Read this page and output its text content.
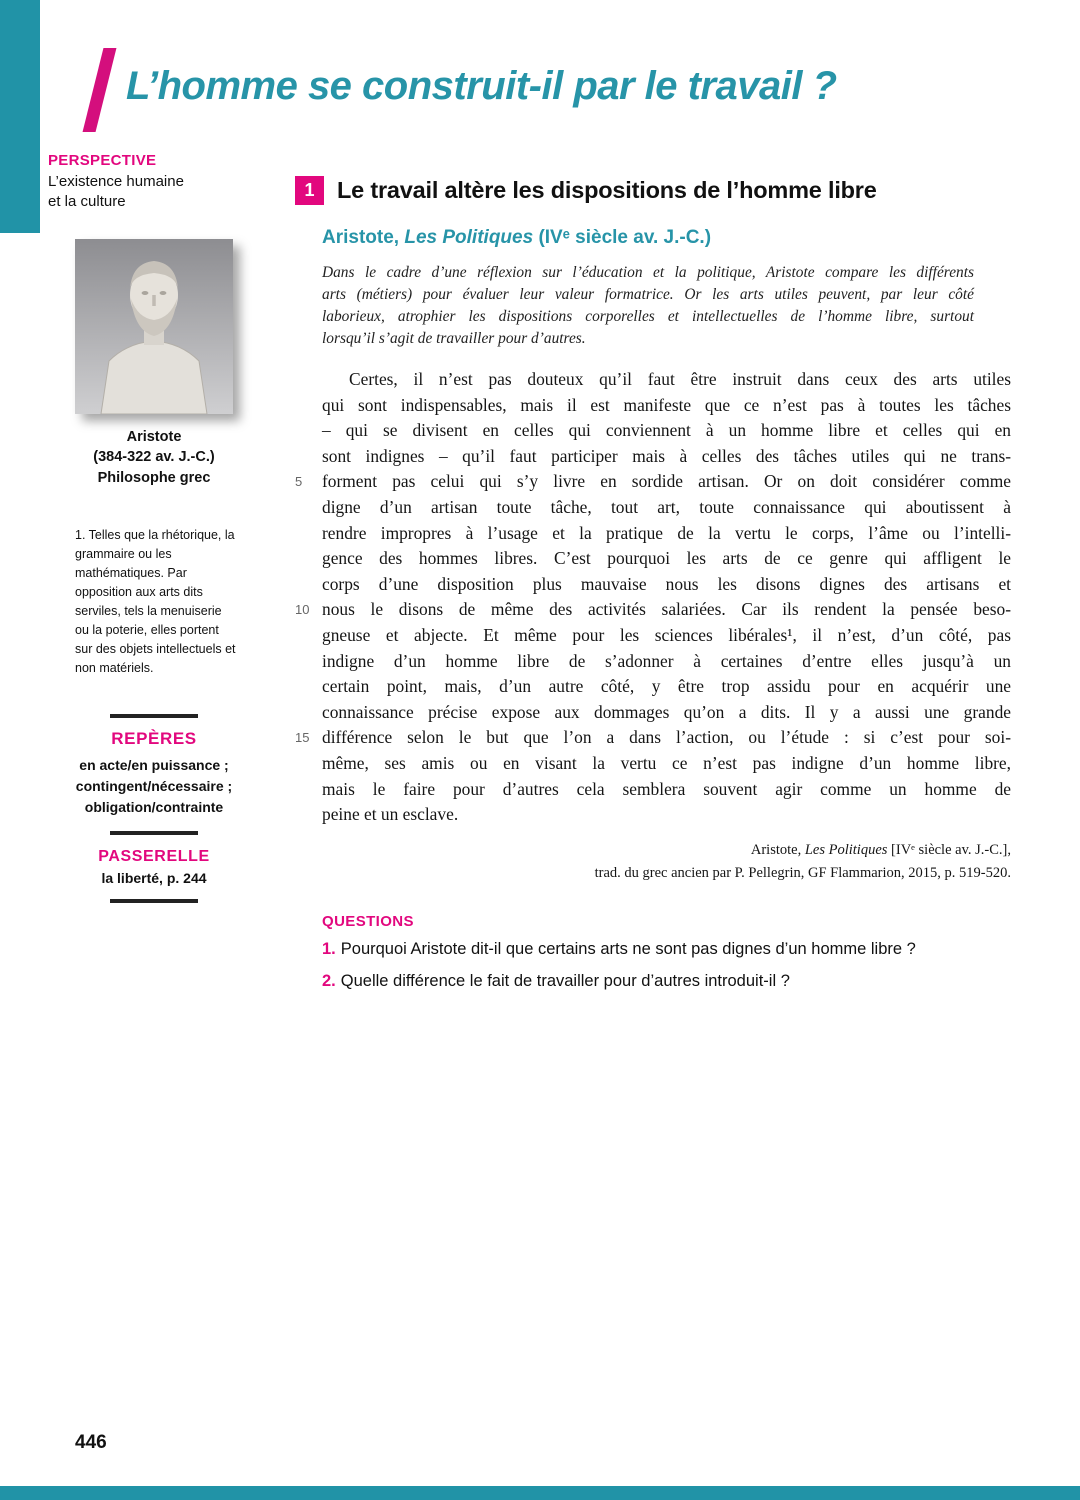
L’homme se construit-il par le travail ?
PERSPECTIVE
L’existence humaine et la culture
Aristote
(384-322 av. J.-C.)
Philosophe grec
1. Telles que la rhétorique, la grammaire ou les mathématiques. Par opposition aux arts dits serviles, tels la menuiserie ou la poterie, elles portent sur des objets intellectuels et non matériels.
REPÈRES
en acte/en puissance ;
contingent/nécessaire ;
obligation/contrainte
PASSERELLE
la liberté, p. 244
1 Le travail altère les dispositions de l’homme libre
Aristote, Les Politiques (IVᵉ siècle av. J.-C.)
Dans le cadre d’une réflexion sur l’éducation et la politique, Aristote compare les différents
arts (métiers) pour évaluer leur valeur formatrice. Or les arts utiles peuvent, par leur côté
laborieux, atrophier les dispositions corporelles et intellectuelles de l’homme libre, surtout
lorsqu’il s’agit de travailler pour d’autres.
Certes, il n’est pas douteux qu’il faut être instruit dans ceux des arts utiles
qui sont indispensables, mais il est manifeste que ce n’est pas à toutes les tâches
– qui se divisent en celles qui conviennent à un homme libre et celles qui en
sont indignes – qu’il faut participer mais à celles des tâches utiles qui ne trans-
5	forment pas celui qui s’y livre en sordide artisan. Or on doit considérer comme
digne d’un artisan toute tâche, tout art, toute connaissance qui aboutissent à
rendre impropres à l’usage et la pratique de la vertu le corps, l’âme ou l’intelli-
gence des hommes libres. C’est pourquoi les arts de ce genre qui affligent le
corps d’une disposition plus mauvaise nous les disons dignes des artisans et
10 nous le disons de même des activités salariées. Car ils rendent la pensée beso-
gneuse et abjecte. Et même pour les sciences libérales¹, il n’est, d’un côté, pas
indigne d’un homme libre de s’adonner à certaines d’entre elles jusqu’à un
certain point, mais, d’un autre côté, y être trop assidu pour en acquérir une
connaissance précise expose aux dommages qu’on a dits. Il y a aussi une grande
15 différence selon le but que l’on a dans l’action, ou l’étude : si c’est pour soi-
même, ses amis ou en visant la vertu ce n’est pas indigne d’un homme libre,
mais le faire pour d’autres cela semblera souvent agir comme un homme de
peine et un esclave.
Aristote, Les Politiques [IVᵉ siècle av. J.-C.],
trad. du grec ancien par P. Pellegrin, GF Flammarion, 2015, p. 519-520.
QUESTIONS
1. Pourquoi Aristote dit-il que certains arts ne sont pas dignes d’un homme libre ?
2. Quelle différence le fait de travailler pour d’autres introduit-il ?
446
